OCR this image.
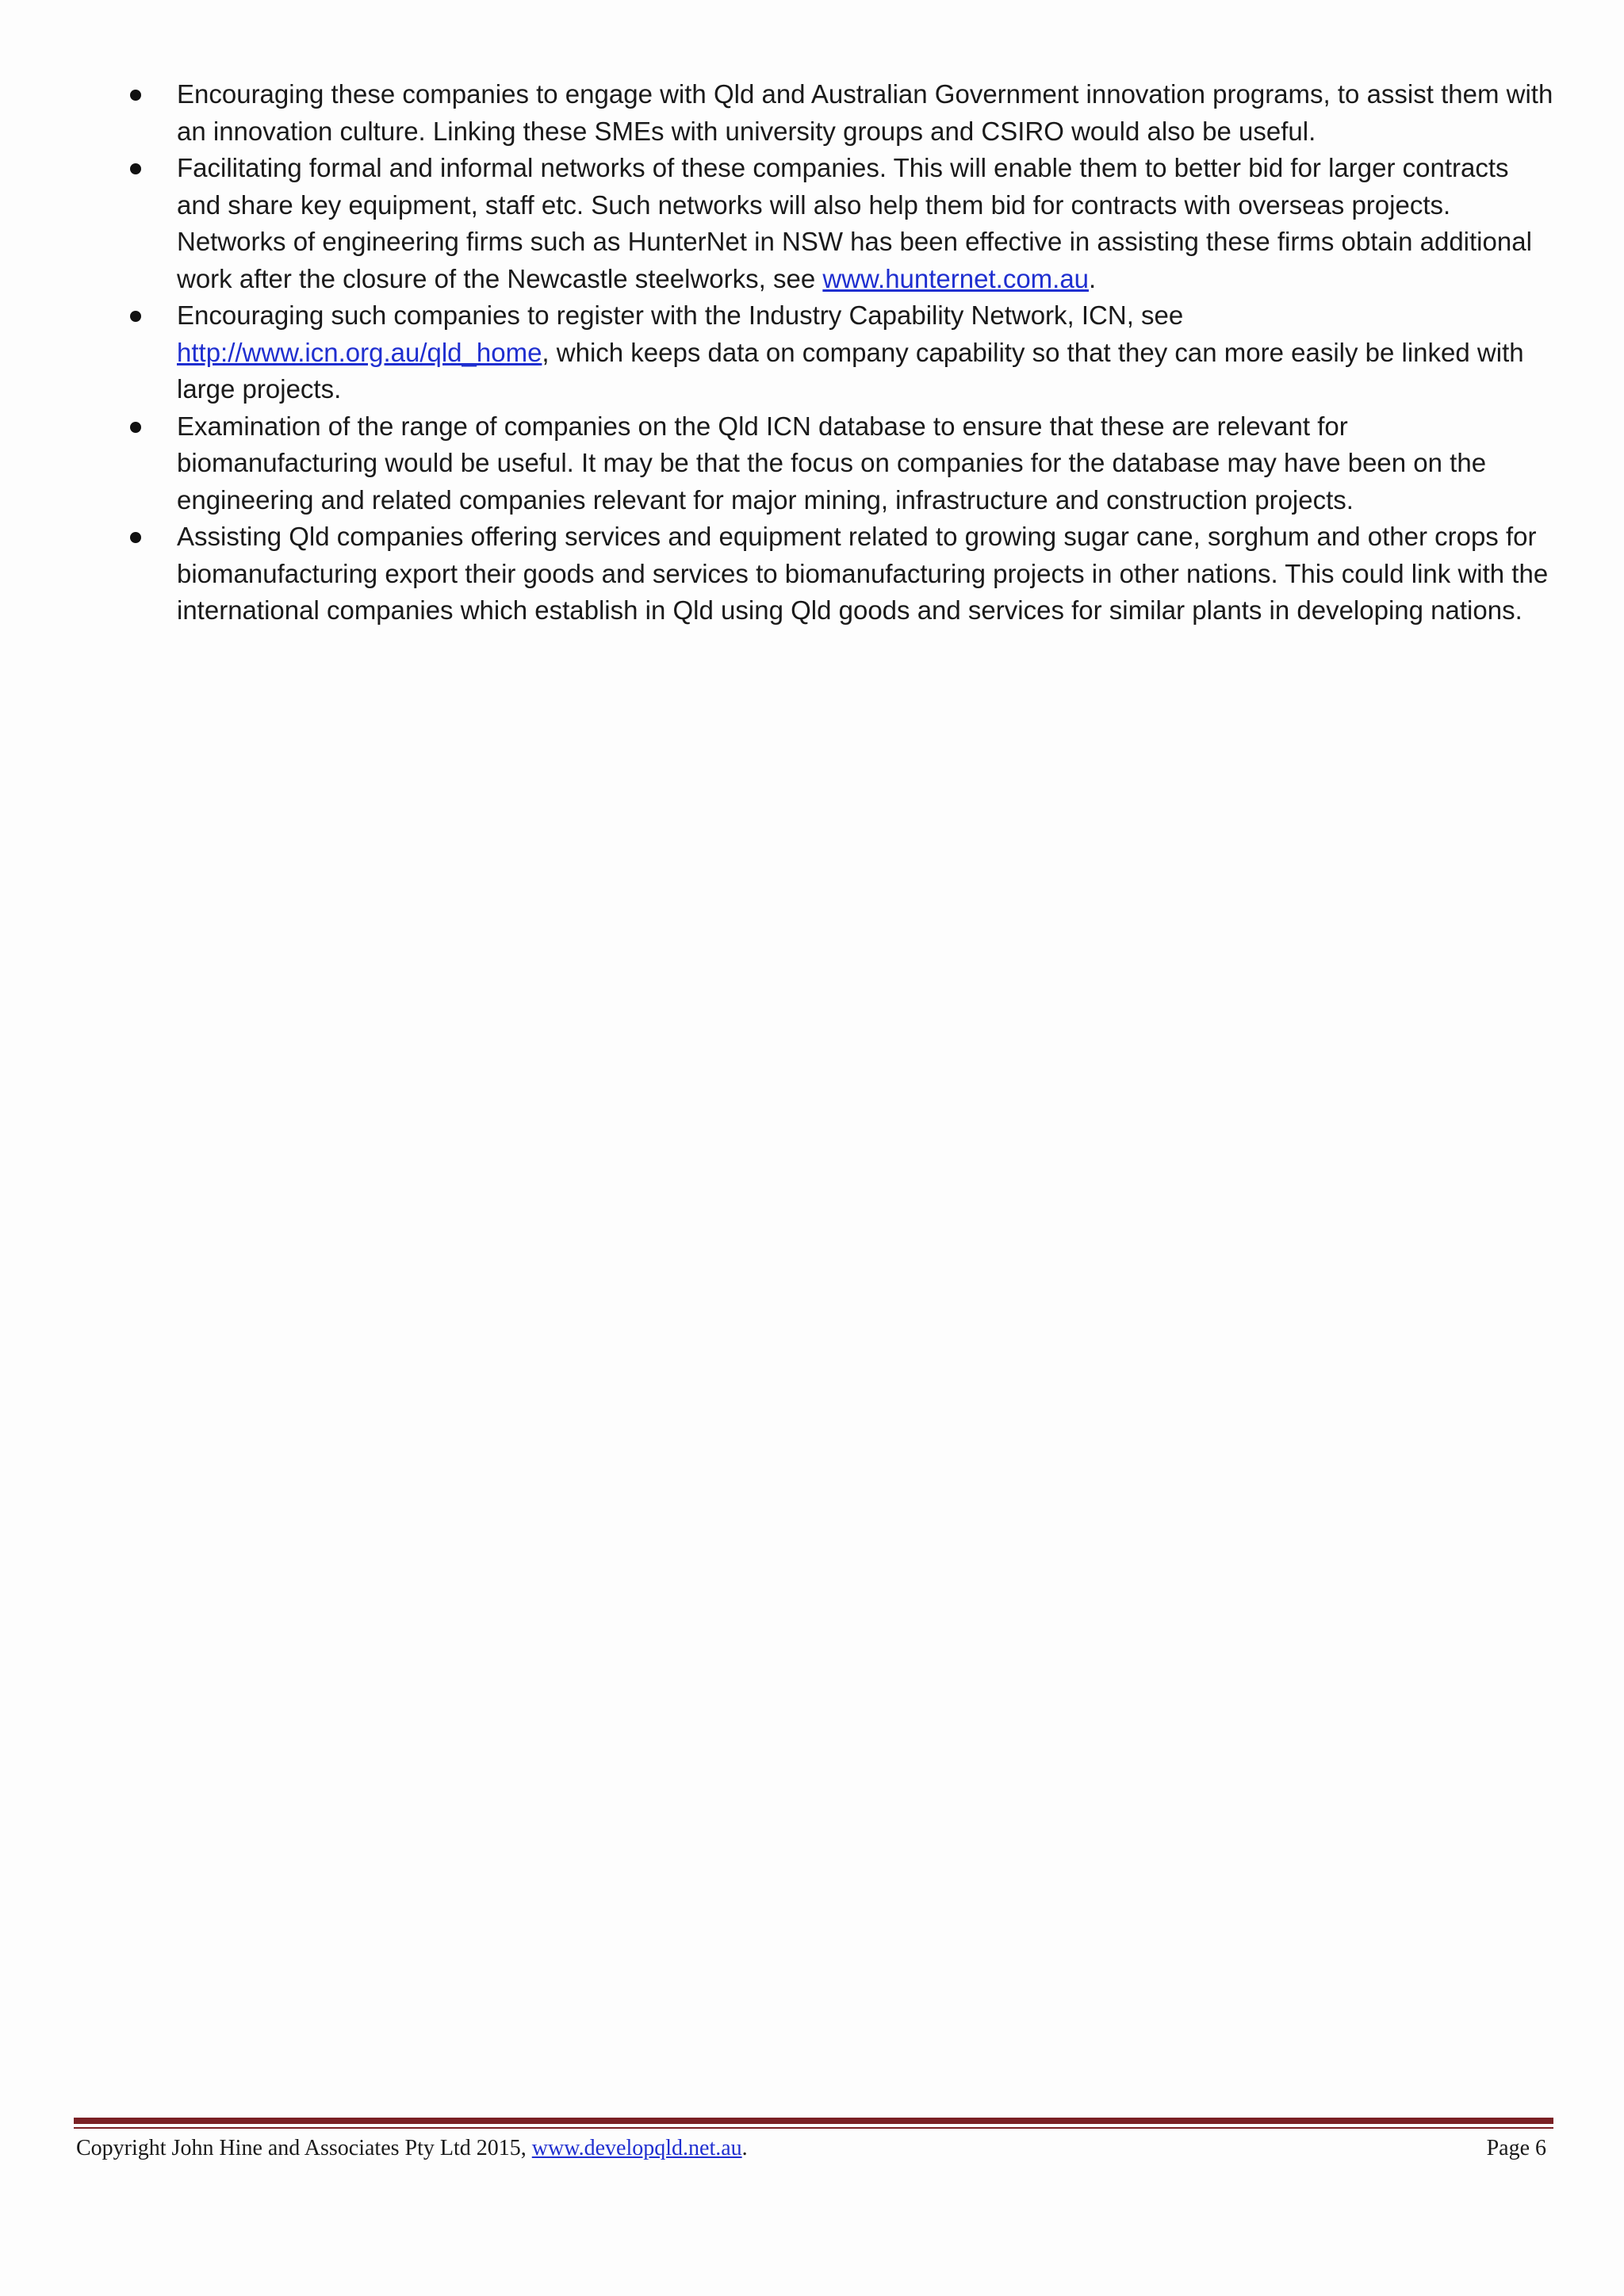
Encouraging these companies to engage with Qld and Australian Government innovation programs, to assist them with an innovation culture. Linking these SMEs with university groups and CSIRO would also be useful.
Facilitating formal and informal networks of these companies. This will enable them to better bid for larger contracts and share key equipment, staff etc. Such networks will also help them bid for contracts with overseas projects. Networks of engineering firms such as HunterNet in NSW has been effective in assisting these firms obtain additional work after the closure of the Newcastle steelworks, see www.hunternet.com.au.
Encouraging such companies to register with the Industry Capability Network, ICN, see
http://www.icn.org.au/qld_home, which keeps data on company capability so that they can more easily be linked with large projects.
Examination of the range of companies on the Qld ICN database to ensure that these are relevant for biomanufacturing would be useful. It may be that the focus on companies for the database may have been on the engineering and related companies relevant for major mining, infrastructure and construction projects.
Assisting Qld companies offering services and equipment related to growing sugar cane, sorghum and other crops for biomanufacturing export their goods and services to biomanufacturing projects in other nations. This could link with the international companies which establish in Qld using Qld goods and services for similar plants in developing nations.
Copyright John Hine and Associates Pty Ltd 2015, www.developqld.net.au.	Page 6
